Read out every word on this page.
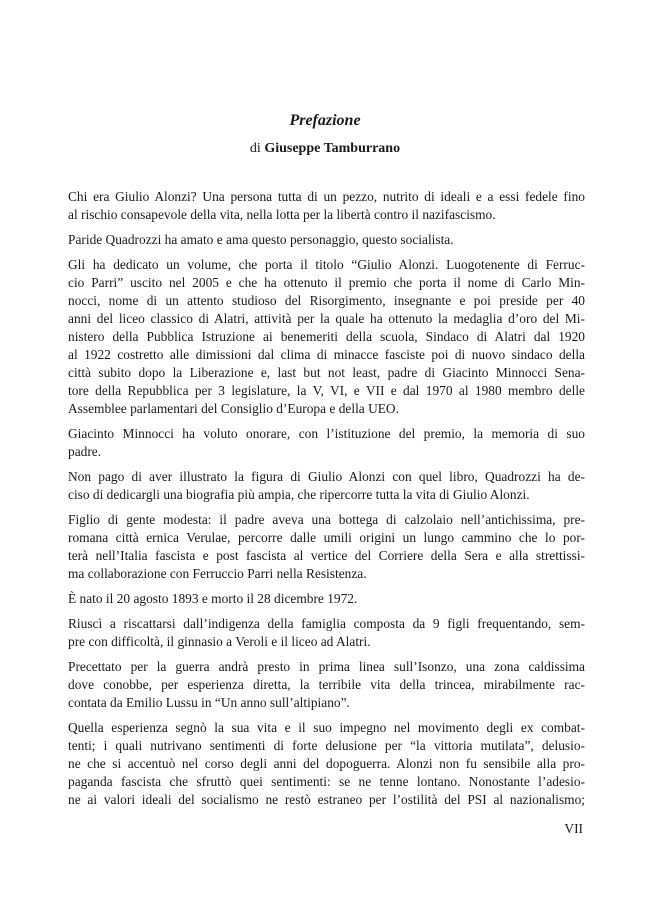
Prefazione
di Giuseppe Tamburrano
Chi era Giulio Alonzi? Una persona tutta di un pezzo, nutrito di ideali e a essi fedele fino
al rischio consapevole della vita, nella lotta per la libertà contro il nazifascismo.
Paride Quadrozzi ha amato e ama questo personaggio, questo socialista.
Gli ha dedicato un volume, che porta il titolo “Giulio Alonzi. Luogotenente di Ferruc-
cio Parri” uscito nel 2005 e che ha ottenuto il premio che porta il nome di Carlo Min-
nocci, nome di un attento studioso del Risorgimento, insegnante e poi preside per 40
anni del liceo classico di Alatri, attività per la quale ha ottenuto la medaglia d’oro del Mi-
nistero della Pubblica Istruzione ai benemeriti della scuola, Sindaco di Alatri dal 1920
al 1922 costretto alle dimissioni dal clima di minacce fasciste poi di nuovo sindaco della
città subito dopo la Liberazione e, last but not least, padre di Giacinto Minnocci Sena-
tore della Repubblica per 3 legislature, la V, VI, e VII e dal 1970 al 1980 membro delle
Assemblee parlamentari del Consiglio d’Europa e della UEO.
Giacinto Minnocci ha voluto onorare, con l’istituzione del premio, la memoria di suo
padre.
Non pago di aver illustrato la figura di Giulio Alonzi con quel libro, Quadrozzi ha de-
ciso di dedicargli una biografia più ampia, che ripercorre tutta la vita di Giulio Alonzi.
Figlio di gente modesta: il padre aveva una bottega di calzolaio nell’antichissima, pre-
romana città ernica Verulae, percorre dalle umili origini un lungo cammino che lo por-
terà nell’Italia fascista e post fascista al vertice del Corriere della Sera e alla strettissi-
ma collaborazione con Ferruccio Parri nella Resistenza.
È nato il 20 agosto 1893 e morto il 28 dicembre 1972.
Riuscì a riscattarsi dall’indigenza della famiglia composta da 9 figli frequentando, sem-
pre con difficoltà, il ginnasio a Veroli e il liceo ad Alatri.
Precettato per la guerra andrà presto in prima linea sull’Isonzo, una zona caldissima
dove conobbe, per esperienza diretta, la terribile vita della trincea, mirabilmente rac-
contata da Emilio Lussu in “Un anno sull’altipiano”.
Quella esperienza segnò la sua vita e il suo impegno nel movimento degli ex combat-
tenti; i quali nutrivano sentimenti di forte delusione per “la vittoria mutilata”, delusio-
ne che si accentuò nel corso degli anni del dopoguerra. Alonzi non fu sensibile alla pro-
paganda fascista che sfruttò quei sentimenti: se ne tenne lontano. Nonostante l’adesio-
ne ai valori ideali del socialismo ne restò estraneo per l’ostilità del PSI al nazionalismo;
VII
